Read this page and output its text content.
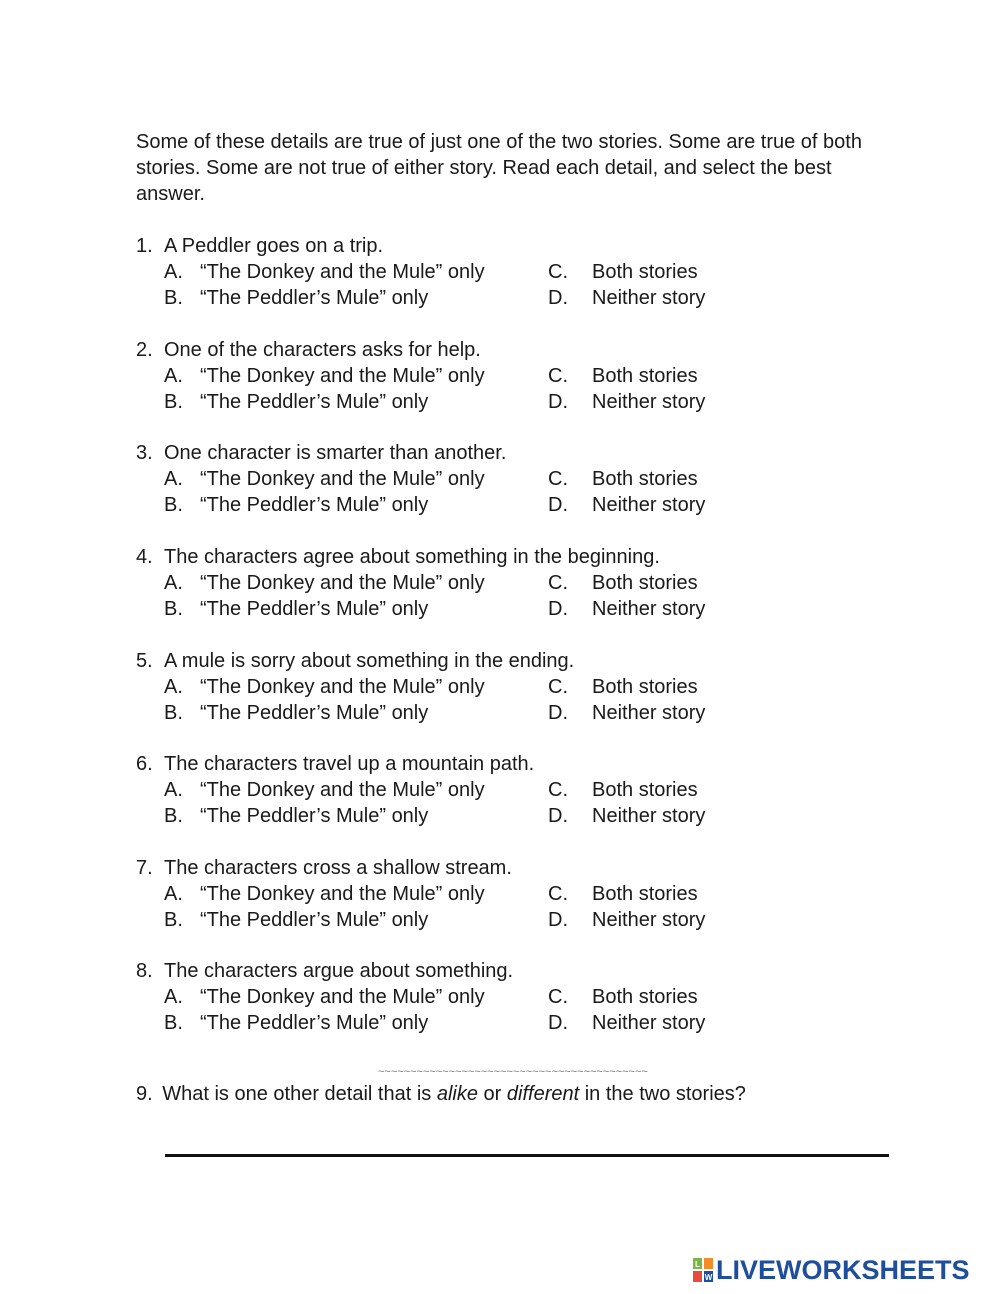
Some of these details are true of just one of the two stories. Some are true of both stories. Some are not true of either story. Read each detail, and select the best answer.

1. A Peddler goes on a trip.
A. “The Donkey and the Mule” only	C. Both stories
B. “The Peddler’s Mule” only	D. Neither story
2. One of the characters asks for help.
A. “The Donkey and the Mule” only	C. Both stories
B. “The Peddler’s Mule” only	D. Neither story
3. One character is smarter than another.
A. “The Donkey and the Mule” only	C. Both stories
B. “The Peddler’s Mule” only	D. Neither story
4. The characters agree about something in the beginning.
A. “The Donkey and the Mule” only	C. Both stories
B. “The Peddler’s Mule” only	D. Neither story
5. A mule is sorry about something in the ending.
A. “The Donkey and the Mule” only	C. Both stories
B. “The Peddler’s Mule” only	D. Neither story
6. The characters travel up a mountain path.
A. “The Donkey and the Mule” only	C. Both stories
B. “The Peddler’s Mule” only	D. Neither story
7. The characters cross a shallow stream.
A. “The Donkey and the Mule” only	C. Both stories
B. “The Peddler’s Mule” only	D. Neither story
8. The characters argue about something.
A. “The Donkey and the Mule” only	C. Both stories
B. “The Peddler’s Mule” only	D. Neither story
~~~~~~~~~~~~~~~~~~~~~~~~~~~~~~~~~~~~~~~~~~
9. What is one other detail that is alike or different in the two stories?
L
W LIVEWORKSHEETS
